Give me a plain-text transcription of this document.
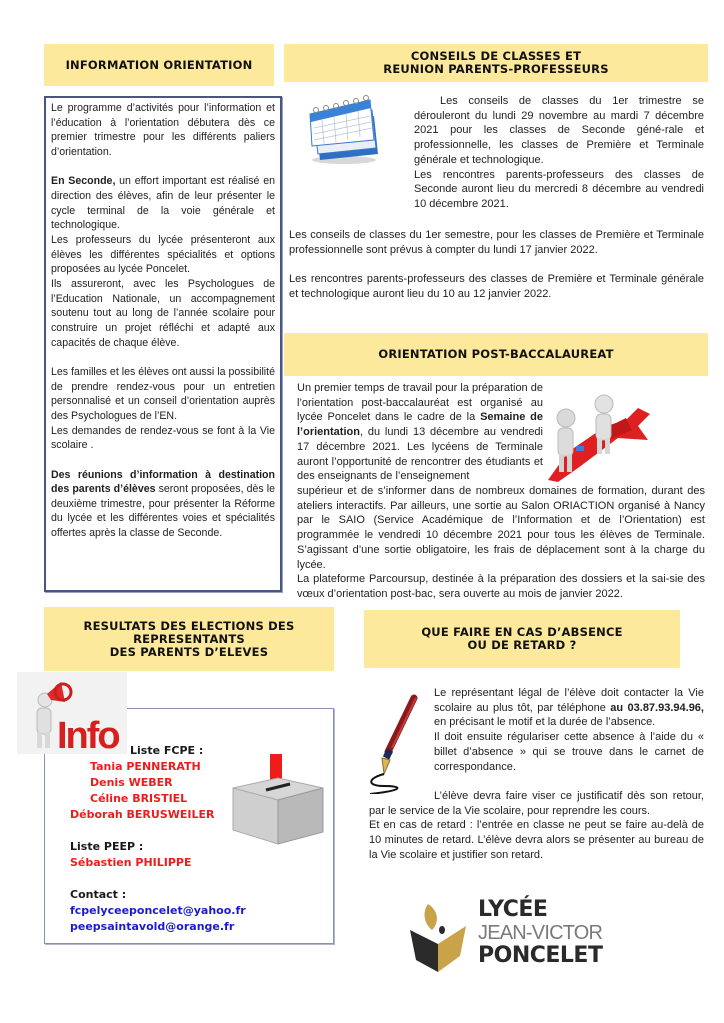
INFORMATION ORIENTATION

Le programme d’activités pour l’information et l’éducation à l’orientation débutera dès ce premier trimestre pour les différents paliers d’orientation.

En Seconde, un effort important est réalisé en direction des élèves, afin de leur présenter le cycle terminal de la voie générale et technologique.

Les professeurs du lycée présenteront aux élèves les différentes spécialités et options proposées au lycée Poncelet.

Ils assureront, avec les Psychologues de l’Education Nationale, un accompagnement soutenu tout au long de l’année scolaire pour construire un projet réfléchi et adapté aux capacités de chaque élève.

Les familles et les élèves ont aussi la possibilité de prendre rendez-vous pour un entretien personnalisé et un conseil d’orientation auprès des Psychologues de l’EN.

Les demandes de rendez-vous se font à la Vie scolaire .

Des réunions d’information à destination des parents d’élèves seront proposées, dès le deuxième trimestre, pour présenter la Réforme du lycée et les différentes voies et spécialités offertes après la classe de Seconde.

CONSEILS DE CLASSES ET
REUNION PARENTS-PROFESSEURS

Les conseils de classes du 1er trimestre se dérouleront du lundi 29 novembre au mardi 7 décembre 2021 pour les classes de Seconde géné-rale et professionnelle, les classes de Première et Terminale générale et technologique.

Les rencontres parents-professeurs des classes de Seconde auront lieu du mercredi 8 décembre au vendredi 10 décembre 2021.

Les conseils de classes du 1er semestre, pour les classes de Première et Terminale professionnelle sont prévus à compter du lundi 17 janvier 2022.

Les rencontres parents-professeurs des classes de Première et Terminale générale et technologique auront lieu du 10 au 12 janvier 2022.

ORIENTATION POST-BACCALAUREAT

Un premier temps de travail pour la préparation de l’orientation post-baccalauréat est organisé au lycée Poncelet dans le cadre de la Semaine de l’orientation, du lundi 13 décembre au vendredi 17 décembre 2021. Les lycéens de Terminale auront l’opportunité de rencontrer des étudiants et des enseignants de l’enseignement

supérieur et de s’informer dans de nombreux domaines de formation, durant des ateliers interactifs. Par ailleurs, une sortie au Salon ORIACTION organisé à Nancy par le SAIO (Service Académique de l’Information et de l’Orientation) est programmée le vendredi 10 décembre 2021 pour tous les élèves de Terminale. S’agissant d’une sortie obligatoire, les frais de déplacement sont à la charge du lycée.

La plateforme Parcoursup, destinée à la préparation des dossiers et la sai-sie des vœux d’orientation post-bac, sera ouverte au mois de janvier 2022.

RESULTATS DES ELECTIONS DES
REPRESENTANTS
DES PARENTS D’ELEVES
Info	Liste FCPE :
Tania PENNERATH
Denis WEBER
Céline BRISTIEL
Déborah BERUSWEILER
Liste PEEP :
Sébastien PHILIPPE
Contact :
fcpelyceeponcelet@yahoo.fr
peepsaintavold@orange.fr
QUE FAIRE EN CAS D’ABSENCE
OU DE RETARD ?

Le représentant légal de l’élève doit contacter la Vie scolaire au plus tôt, par téléphone au 03.87.93.94.96, en précisant le motif et la durée de l’absence.

Il doit ensuite régulariser cette absence à l’aide du « billet d’absence » qui se trouve dans le carnet de correspondance.

L’élève devra faire viser ce justificatif dès son retour, par le service de la Vie scolaire, pour reprendre les cours.

Et en cas de retard : l’entrée en classe ne peut se faire au-delà de 10 minutes de retard. L’élève devra alors se présenter au bureau de la Vie scolaire et justifier son retard.

LYCÉE
JEAN-VICTOR
PONCELET
